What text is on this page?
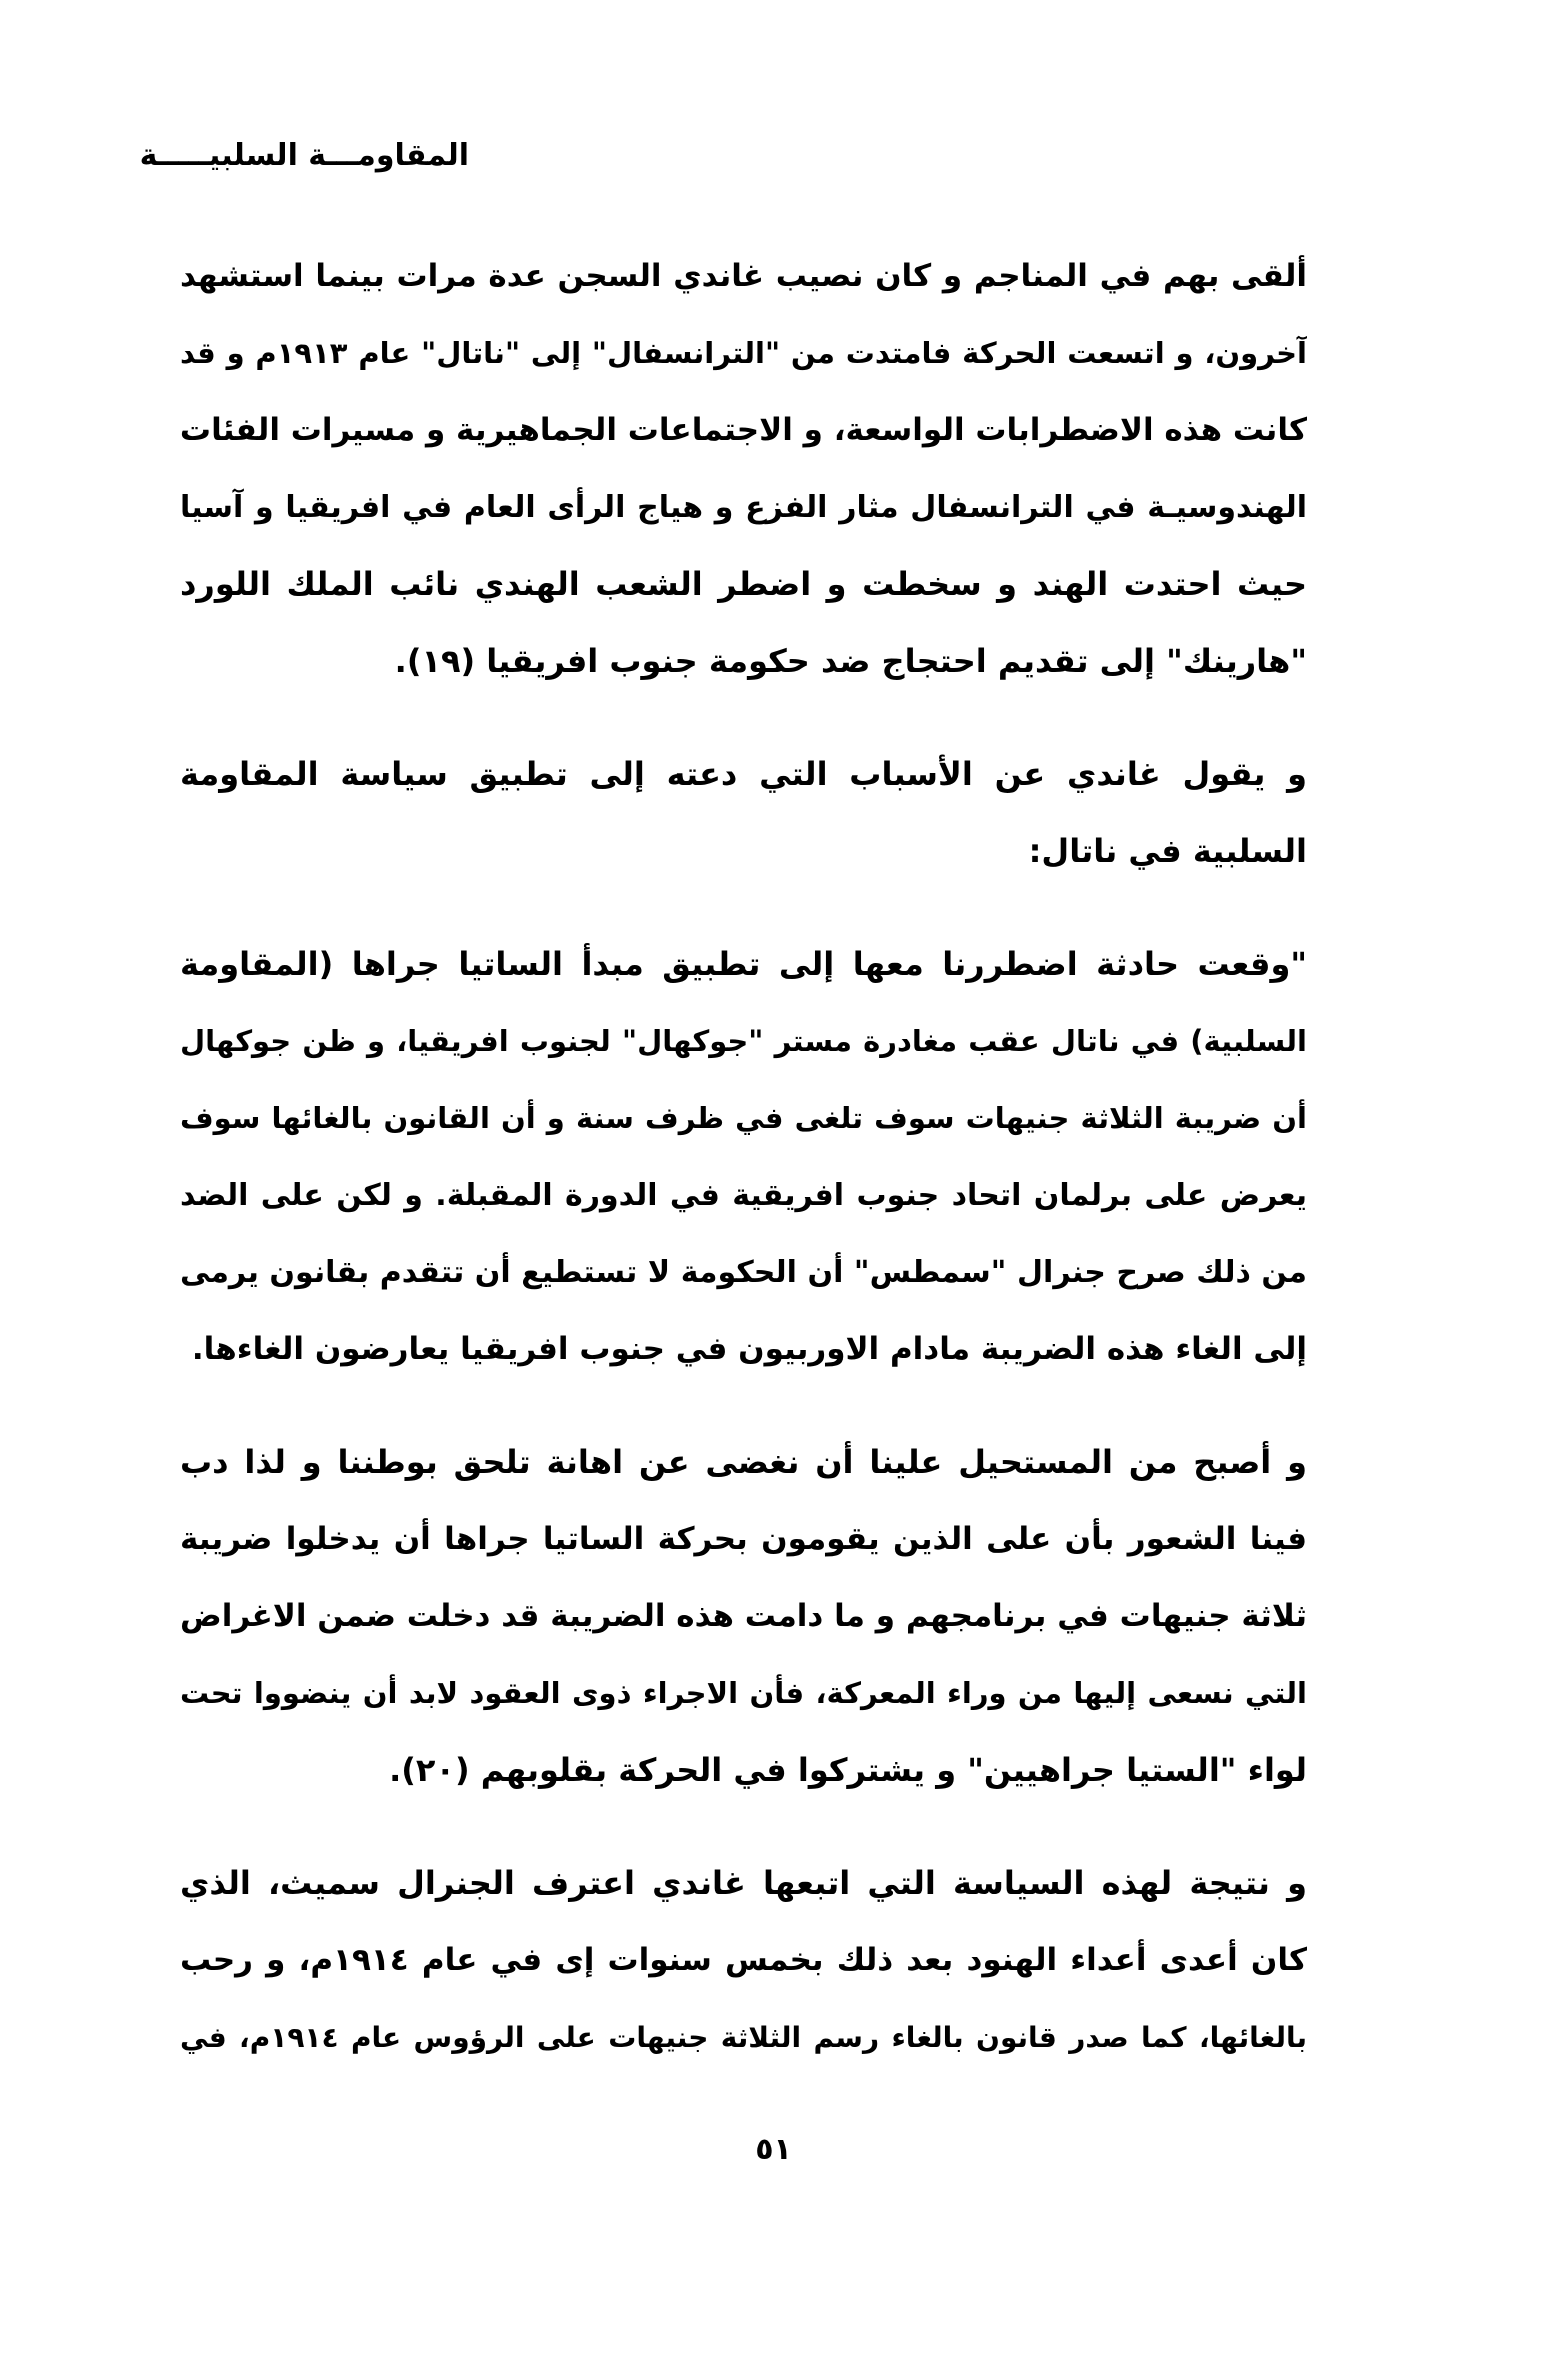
المقاومـــة السلبيـــــة

ألقى بهم في المناجم و كان نصيب غاندي السجن عدة مرات بينما استشهد
آخرون، و اتسعت الحركة فامتدت من "الترانسفال" إلى "ناتال" عام ١٩١٣م و قد
كانت هذه الاضطرابات الواسعة، و الاجتماعات الجماهيرية و مسيرات الفئات
الهندوسيـة في الترانسفال مثار الفزع و هياج الرأى العام في افريقيا و آسيا
حيث احتدت الهند و سخطت و اضطر الشعب الهندي نائب الملك اللورد
"هارينك" إلى تقديم احتجاج ضد حكومة جنوب افريقيا (١٩).

و يقول غاندي عن الأسباب التي دعته إلى تطبيق سياسة المقاومة
السلبية في ناتال:

"وقعت حادثة اضطررنا معها إلى تطبيق مبدأ الساتيا جراها (المقاومة
السلبية) في ناتال عقب مغادرة مستر "جوكهال" لجنوب افريقيا، و ظن جوكهال
أن ضريبة الثلاثة جنيهات سوف تلغى في ظرف سنة و أن القانون بالغائها سوف
يعرض على برلمان اتحاد جنوب افريقية في الدورة المقبلة. و لكن على الضد
من ذلك صرح جنرال "سمطس" أن الحكومة لا تستطيع أن تتقدم بقانون يرمى
إلى الغاء هذه الضريبة مادام الاوربيون في جنوب افريقيا يعارضون الغاءها.

و أصبح من المستحيل علينا أن نغضى عن اهانة تلحق بوطننا و لذا دب
فينا الشعور بأن على الذين يقومون بحركة الساتيا جراها أن يدخلوا ضريبة
ثلاثة جنيهات في برنامجهم و ما دامت هذه الضريبة قد دخلت ضمن الاغراض
التي نسعى إليها من وراء المعركة، فأن الاجراء ذوى العقود لابد أن ينضووا تحت
لواء "الستيا جراهيين" و يشتركوا في الحركة بقلوبهم (٢٠).

و نتيجة لهذه السياسة التي اتبعها غاندي اعترف الجنرال سميث، الذي
كان أعدى أعداء الهنود بعد ذلك بخمس سنوات إى في عام ١٩١٤م، و رحب
بالغائها، كما صدر قانون بالغاء رسم الثلاثة جنيهات على الرؤوس عام ١٩١٤م، في

٥١
